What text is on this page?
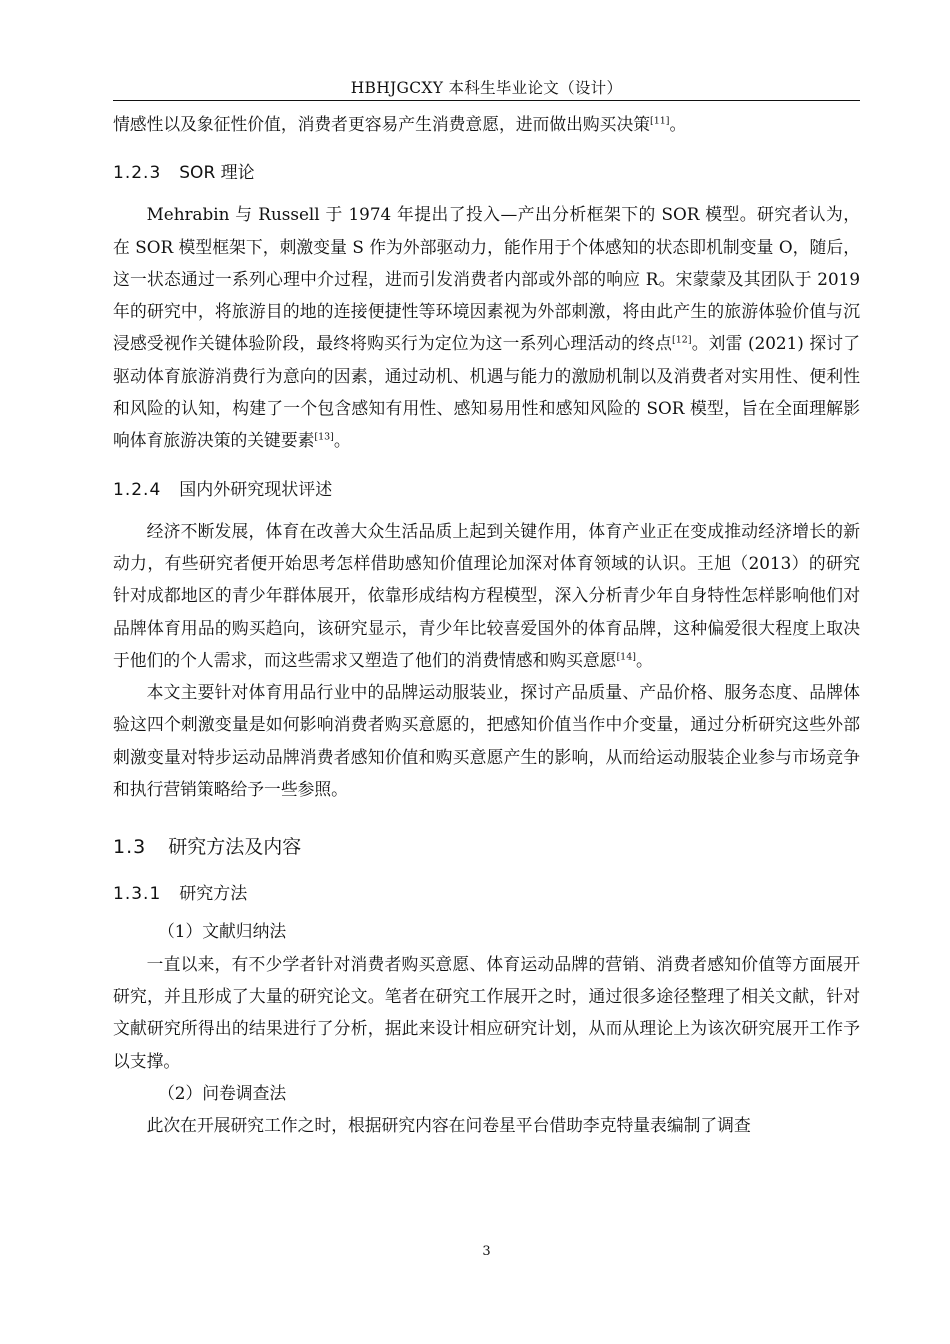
HBHJGCXY 本科生毕业论文（设计）

情感性以及象征性价值，消费者更容易产生消费意愿，进而做出购买决策[11]。

1.2.3 SOR 理论

Mehrabin 与 Russell 于 1974 年提出了投入—产出分析框架下的 SOR 模型。研究者认为，在 SOR 模型框架下，刺激变量 S 作为外部驱动力，能作用于个体感知的状态即机制变量 O，随后，这一状态通过一系列心理中介过程，进而引发消费者内部或外部的响应 R。宋蒙蒙及其团队于 2019 年的研究中，将旅游目的地的连接便捷性等环境因素视为外部刺激，将由此产生的旅游体验价值与沉浸感受视作关键体验阶段，最终将购买行为定位为这一系列心理活动的终点[12]。刘雷 (2021) 探讨了驱动体育旅游消费行为意向的因素，通过动机、机遇与能力的激励机制以及消费者对实用性、便利性和风险的认知，构建了一个包含感知有用性、感知易用性和感知风险的 SOR 模型，旨在全面理解影响体育旅游决策的关键要素[13]。

1.2.4 国内外研究现状评述

经济不断发展，体育在改善大众生活品质上起到关键作用，体育产业正在变成推动经济增长的新动力，有些研究者便开始思考怎样借助感知价值理论加深对体育领域的认识。王旭（2013）的研究针对成都地区的青少年群体展开，依靠形成结构方程模型，深入分析青少年自身特性怎样影响他们对品牌体育用品的购买趋向，该研究显示，青少年比较喜爱国外的体育品牌，这种偏爱很大程度上取决于他们的个人需求，而这些需求又塑造了他们的消费情感和购买意愿[14]。

本文主要针对体育用品行业中的品牌运动服装业，探讨产品质量、产品价格、服务态度、品牌体验这四个刺激变量是如何影响消费者购买意愿的，把感知价值当作中介变量，通过分析研究这些外部刺激变量对特步运动品牌消费者感知价值和购买意愿产生的影响，从而给运动服装企业参与市场竞争和执行营销策略给予一些参照。

1.3 研究方法及内容
1.3.1 研究方法

（1）文献归纳法

一直以来，有不少学者针对消费者购买意愿、体育运动品牌的营销、消费者感知价值等方面展开研究，并且形成了大量的研究论文。笔者在研究工作展开之时，通过很多途径整理了相关文献，针对文献研究所得出的结果进行了分析，据此来设计相应研究计划，从而从理论上为该次研究展开工作予以支撑。

（2）问卷调查法

此次在开展研究工作之时，根据研究内容在问卷星平台借助李克特量表编制了调查

3
